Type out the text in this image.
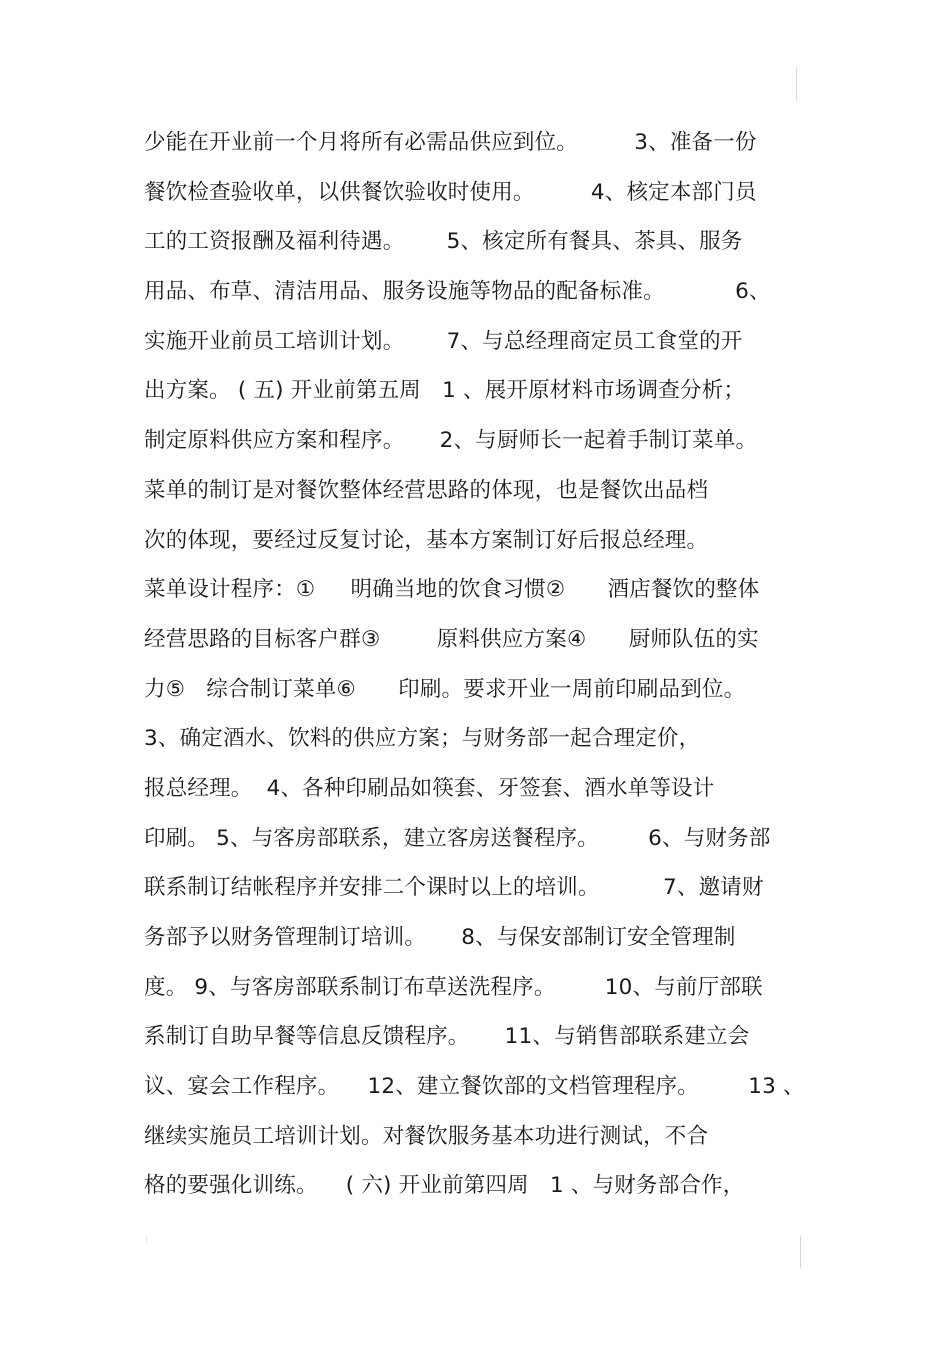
少能在开业前一个月将所有必需品供应到位。        3、准备一份
餐饮检查验收单，以供餐饮验收时使用。        4、核定本部门员
工的工资报酬及福利待遇。      5、核定所有餐具、茶具、服务
用品、布草、清洁用品、服务设施等物品的配备标准。          6、
实施开业前员工培训计划。      7、与总经理商定员工食堂的开
出方案。 ( 五) 开业前第五周   1 、展开原材料市场调查分析；
制定原料供应方案和程序。     2、与厨师长一起着手制订菜单。
菜单的制订是对餐饮整体经营思路的体现，也是餐饮出品档
次的体现，要经过反复讨论，基本方案制订好后报总经理。
菜单设计程序：①     明确当地的饮食习惯②      酒店餐饮的整体
经营思路的目标客户群③        原料供应方案④      厨师队伍的实
力⑤   综合制订菜单⑥      印刷。要求开业一周前印刷品到位。
3、确定酒水、饮料的供应方案；与财务部一起合理定价，
报总经理。  4、各种印刷品如筷套、牙签套、酒水单等设计
印刷。 5、与客房部联系，建立客房送餐程序。       6、与财务部
联系制订结帐程序并安排二个课时以上的培训。         7、邀请财
务部予以财务管理制订培训。     8、与保安部制订安全管理制
度。 9、与客房部联系制订布草送洗程序。       10、与前厅部联
系制订自助早餐等信息反馈程序。     11、与销售部联系建立会
议、宴会工作程序。    12、建立餐饮部的文档管理程序。       13 、
继续实施员工培训计划。对餐饮服务基本功进行测试，不合
格的要强化训练。    ( 六) 开业前第四周   1 、与财务部合作，
